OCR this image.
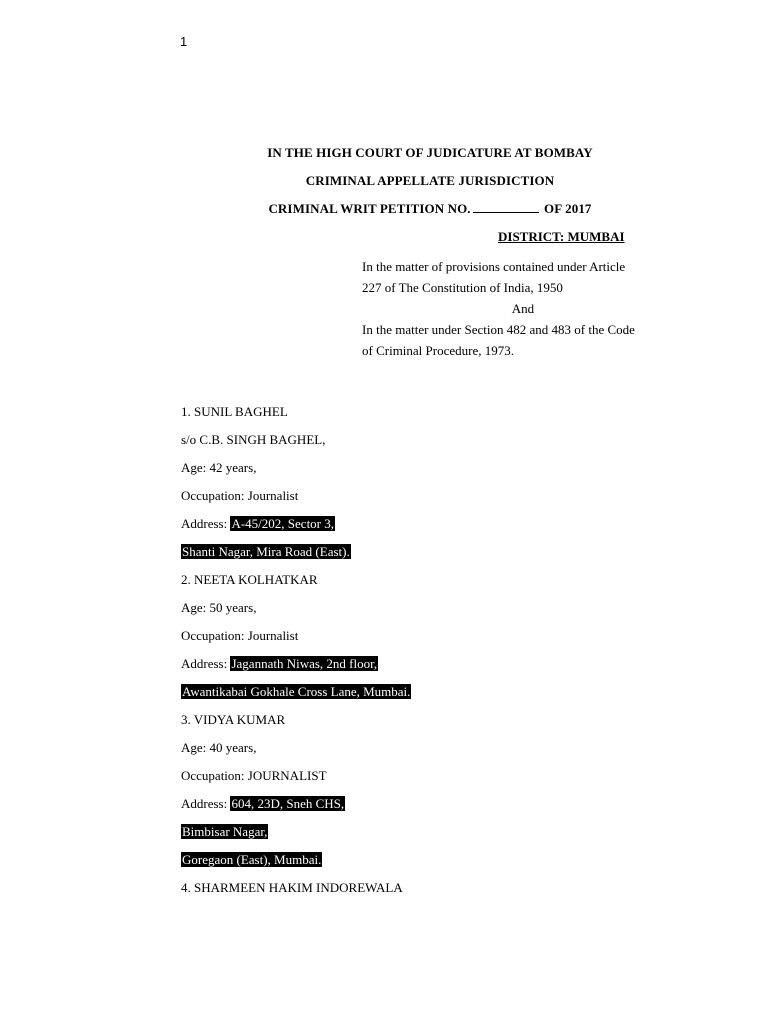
1
IN THE HIGH COURT OF JUDICATURE AT BOMBAY
CRIMINAL APPELLATE JURISDICTION
CRIMINAL WRIT PETITION NO.	OF 2017
DISTRICT: MUMBAI

In the matter of provisions contained under Article

227 of The Constitution of India, 1950

And

In the matter under Section 482 and 483 of the Code

of Criminal Procedure, 1973.

1. SUNIL BAGHEL
s/o C.B. SINGH BAGHEL,
Age: 42 years,
Occupation: Journalist
Address: A-45/202, Sector 3,
Shanti Nagar, Mira Road (East).
2. NEETA KOLHATKAR
Age: 50 years,
Occupation: Journalist
Address: Jagannath Niwas, 2nd floor,
Awantikabai Gokhale Cross Lane, Mumbai.
3. VIDYA KUMAR
Age: 40 years,
Occupation: JOURNALIST
Address: 604, 23D, Sneh CHS,
Bimbisar Nagar,
Goregaon (East), Mumbai.
4. SHARMEEN HAKIM INDOREWALA
